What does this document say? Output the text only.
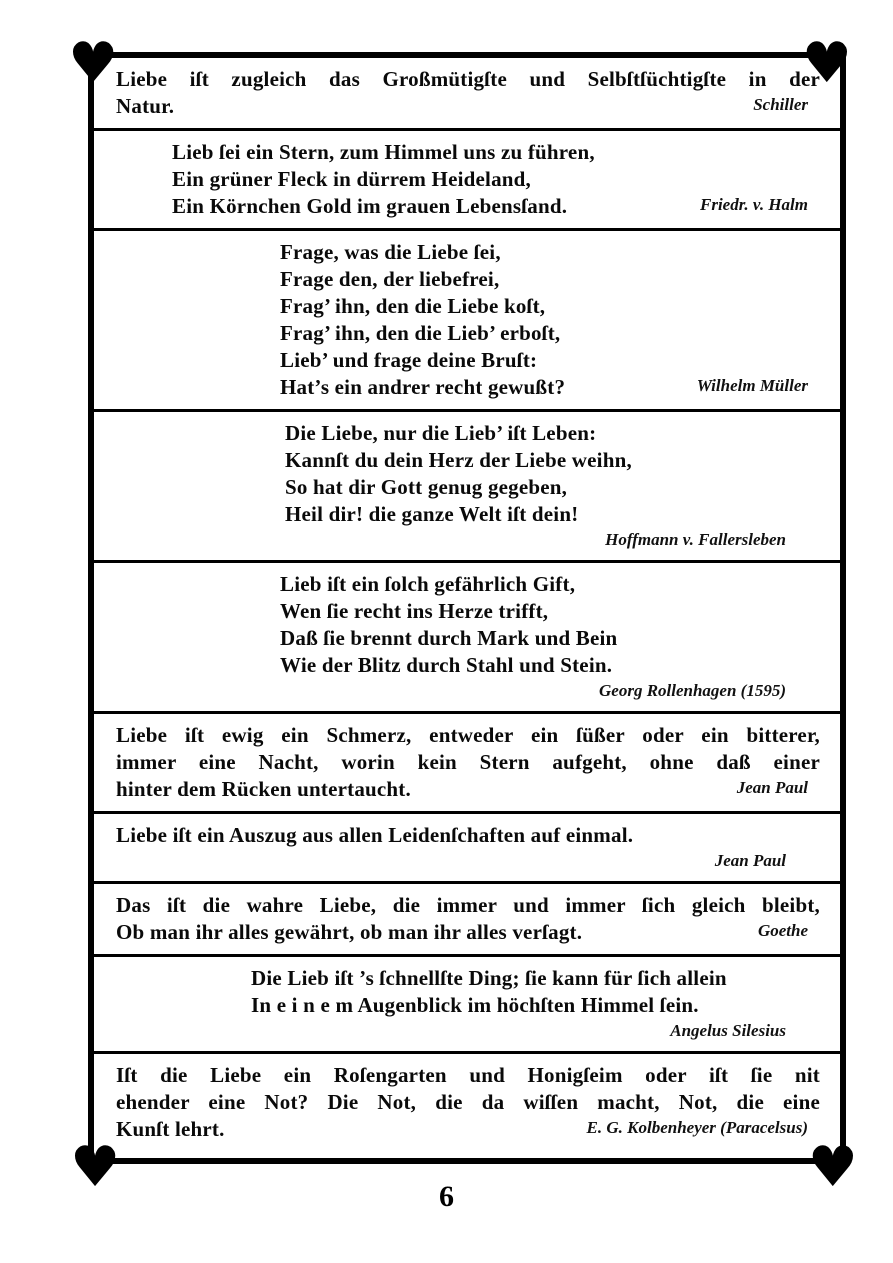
♥	♥
♥	♥
Liebe iſt zugleich das Großmütigſte und Selbſtſüchtigſte in der
Natur.	Schiller
Lieb ſei ein Stern, zum Himmel uns zu führen,
Ein grüner Fleck in dürrem Heideland,
Ein Körnchen Gold im grauen Lebensſand.	Friedr. v. Halm
Frage, was die Liebe ſei,
Frage den, der liebefrei,
Frag’ ihn, den die Liebe koſt,
Frag’ ihn, den die Lieb’ erboſt,
Lieb’ und frage deine Bruſt:
Hat’s ein andrer recht gewußt?	Wilhelm Müller
Die Liebe, nur die Lieb’ iſt Leben:
Kannſt du dein Herz der Liebe weihn,
So hat dir Gott genug gegeben,
Heil dir! die ganze Welt iſt dein!
Hoffmann v. Fallersleben
Lieb iſt ein ſolch gefährlich Gift,
Wen ſie recht ins Herze trifft,
Daß ſie brennt durch Mark und Bein
Wie der Blitz durch Stahl und Stein.
Georg Rollenhagen (1595)
Liebe iſt ewig ein Schmerz, entweder ein ſüßer oder ein bitterer,
immer eine Nacht, worin kein Stern aufgeht, ohne daß einer
hinter dem Rücken untertaucht.	Jean Paul
Liebe iſt ein Auszug aus allen Leidenſchaften auf einmal.
Jean Paul
Das iſt die wahre Liebe, die immer und immer ſich gleich bleibt,
Ob man ihr alles gewährt, ob man ihr alles verſagt.	Goethe
Die Lieb iſt ’s ſchnellſte Ding; ſie kann für ſich allein
In e i n e m Augenblick im höchſten Himmel ſein.
Angelus Silesius
Iſt die Liebe ein Roſengarten und Honigſeim oder iſt ſie nit
ehender eine Not? Die Not, die da wiſſen macht, Not, die eine
Kunſt lehrt.	E. G. Kolbenheyer (Paracelsus)
6
